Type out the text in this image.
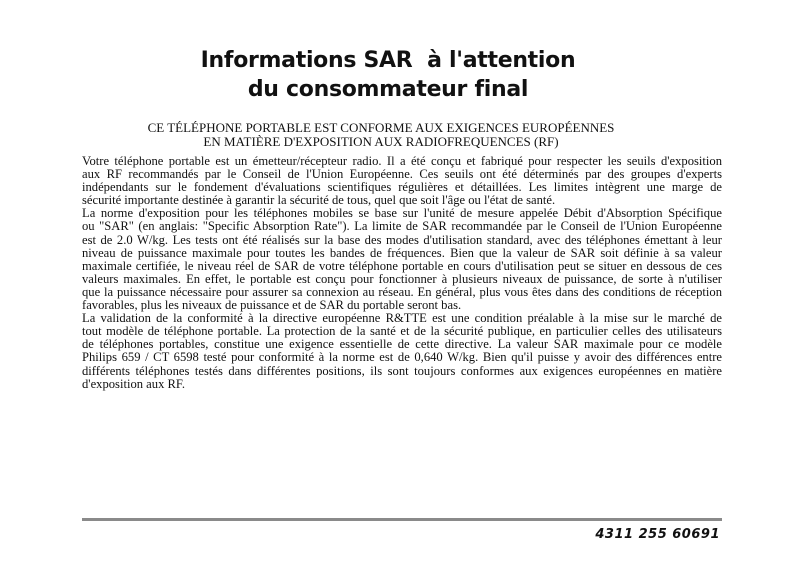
Informations SAR  à l'attention
du consommateur final
CE TÉLÉPHONE PORTABLE EST CONFORME AUX EXIGENCES EUROPÉENNES
EN MATIÈRE D'EXPOSITION AUX RADIOFREQUENCES (RF)
Votre téléphone portable est un émetteur/récepteur radio. Il a été conçu et fabriqué pour respecter les seuils d'exposition
aux RF recommandés par le Conseil de l'Union Européenne. Ces seuils ont été déterminés par des groupes d'experts
indépendants sur le fondement d'évaluations scientifiques régulières et détaillées. Les limites intègrent une marge de
sécurité importante destinée à garantir la sécurité de tous, quel que soit l'âge ou l'état de santé.
La norme d'exposition pour les téléphones mobiles se base sur l'unité de mesure appelée Débit d'Absorption Spécifique
ou "SAR" (en anglais: "Specific Absorption Rate"). La limite de SAR recommandée par le Conseil de l'Union Européenne
est de 2.0 W/kg. Les tests ont été réalisés sur la base des modes d'utilisation standard, avec des téléphones émettant à leur
niveau de puissance maximale pour toutes les bandes de fréquences. Bien que la valeur de SAR soit définie à sa valeur
maximale certifiée, le niveau réel de SAR de votre téléphone portable en cours d'utilisation peut se situer en dessous de ces
valeurs maximales. En effet, le portable est conçu pour fonctionner à plusieurs niveaux de puissance, de sorte à n'utiliser
que la puissance nécessaire pour assurer sa connexion au réseau. En général, plus vous êtes dans des conditions de réception
favorables, plus les niveaux de puissance et de SAR du portable seront bas.
La validation de la conformité à la directive européenne R&TTE est une condition préalable à la mise sur le marché de
tout modèle de téléphone portable. La protection de la santé et de la sécurité publique, en particulier celles des utilisateurs
de téléphones portables, constitue une exigence essentielle de cette directive. La valeur SAR maximale pour ce modèle
Philips 659 / CT 6598 testé pour conformité à la norme est de 0,640 W/kg. Bien qu'il puisse y avoir des différences entre
différents téléphones testés dans différentes positions, ils sont toujours conformes aux exigences européennes en matière
d'exposition aux RF.
4311 255 60691
